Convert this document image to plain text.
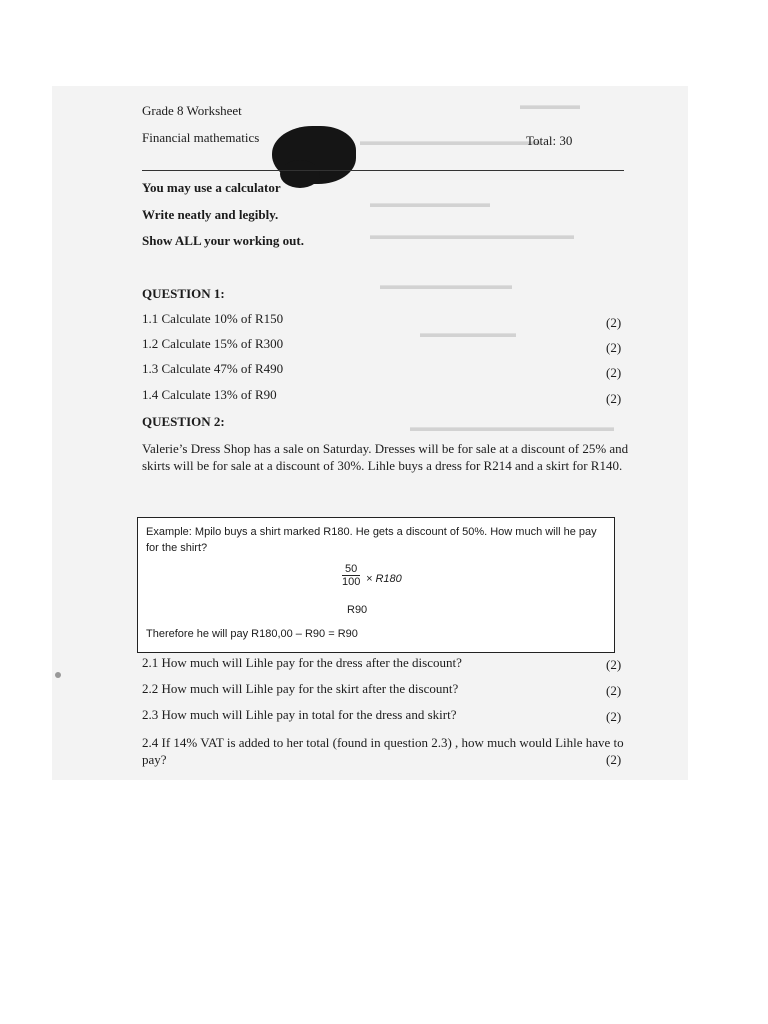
▬▬▬▬▬
▬▬▬▬▬▬▬▬▬▬▬▬▬▬▬
▬▬▬▬▬▬▬▬▬▬
▬▬▬▬▬▬▬▬▬▬▬▬▬▬▬▬▬
▬▬▬▬▬▬▬▬▬▬▬
▬▬▬▬▬▬▬▬
▬▬▬▬▬▬▬▬▬▬▬▬▬▬▬▬▬
Grade 8 Worksheet
Financial mathematics	Total: 30
You may use a calculator
Write neatly and legibly.
Show ALL your working out.
QUESTION 1:
1.1 Calculate 10% of R150	(2)
1.2 Calculate 15% of R300	(2)
1.3 Calculate 47% of R490	(2)
1.4 Calculate 13% of R90	(2)
QUESTION 2:
Valerie’s Dress Shop has a sale on Saturday. Dresses will be for sale at a discount of 25% and skirts will be for sale at a discount of 30%. Lihle buys a dress for R214 and a skirt for R140.
Example: Mpilo buys a shirt marked R180. He gets a discount of 50%. How much will he pay for the shirt?
$\frac{50}{100} \times R180$
R90
Therefore he will pay R180,00 – R90 = R90
2.1 How much will Lihle pay for the dress after the discount?	(2)
2.2 How much will Lihle pay for the skirt after the discount?	(2)
2.3 How much will Lihle pay in total for the dress and skirt?	(2)
2.4 If 14% VAT is added to her total (found in question 2.3) , how much would Lihle have to pay?	(2)
